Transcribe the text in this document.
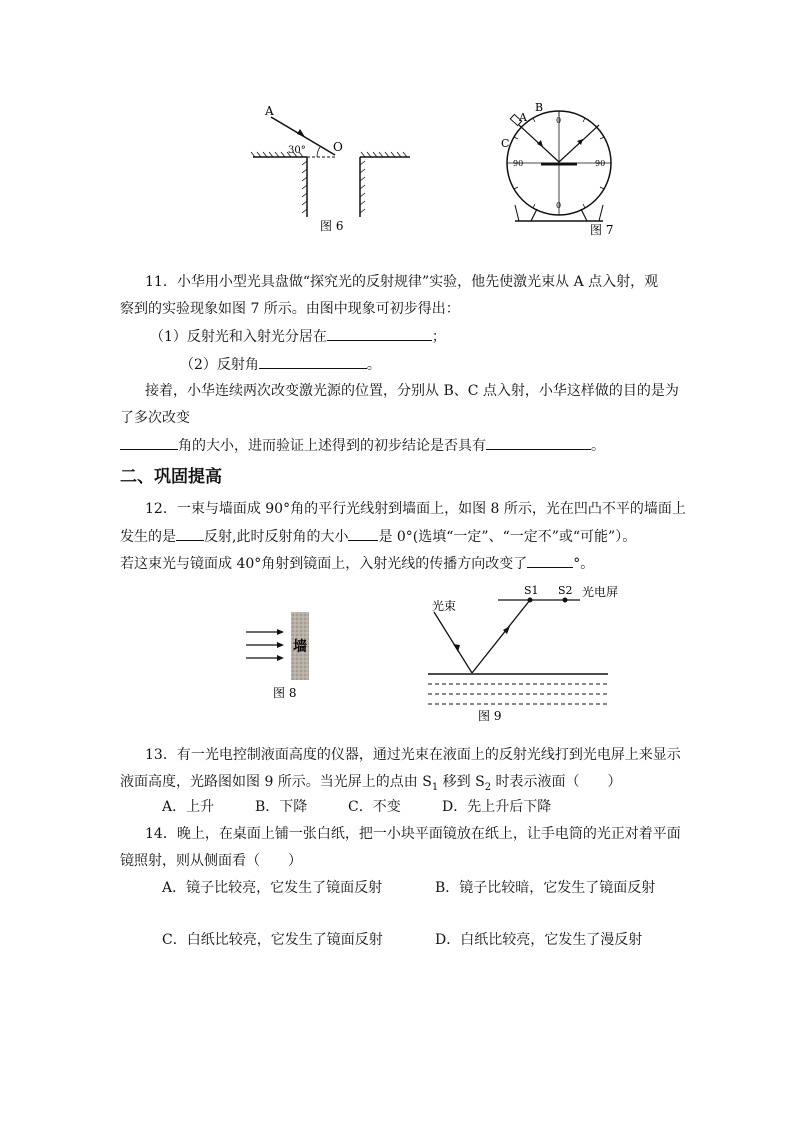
A
30° O
图 6
B
A
C
0
0
90	90
图 7
11．小华用小型光具盘做“探究光的反射规律”实验，他先使激光束从 A 点入射，观
察到的实验现象如图 7 所示。由图中现象可初步得出：
（1）反射光和入射光分居在	；
（2）反射角	。
接着，小华连续两次改变激光源的位置，分别从 B、C 点入射，小华这样做的目的是为
了多次改变
角的大小，进而验证上述得到的初步结论是否具有	。
二、巩固提高
12．一束与墙面成 90°角的平行光线射到墙面上，如图 8 所示，光在凹凸不平的墙面上
发生的是 反射,此时反射角的大小 是 0°(选填“一定”、“一定不”或“可能”）。
若这束光与镜面成 40°角射到镜面上，入射光线的传播方向改变了	°。
墙
图 8
光束
S1 S2 光电屏
图 9
13．有一光电控制液面高度的仪器，通过光束在液面上的反射光线打到光电屏上来显示
液面高度，光路图如图 9 所示。当光屏上的点由 $S_1$ 移到 $S_2$ 时表示液面（　　）
A．上升	B．下降	C．不变	D．先上升后下降
14．晚上，在桌面上铺一张白纸，把一小块平面镜放在纸上，让手电筒的光正对着平面
镜照射，则从侧面看（　　）
A．镜子比较亮，它发生了镜面反射	B．镜子比较暗，它发生了镜面反射
C．白纸比较亮，它发生了镜面反射	D．白纸比较亮，它发生了漫反射
